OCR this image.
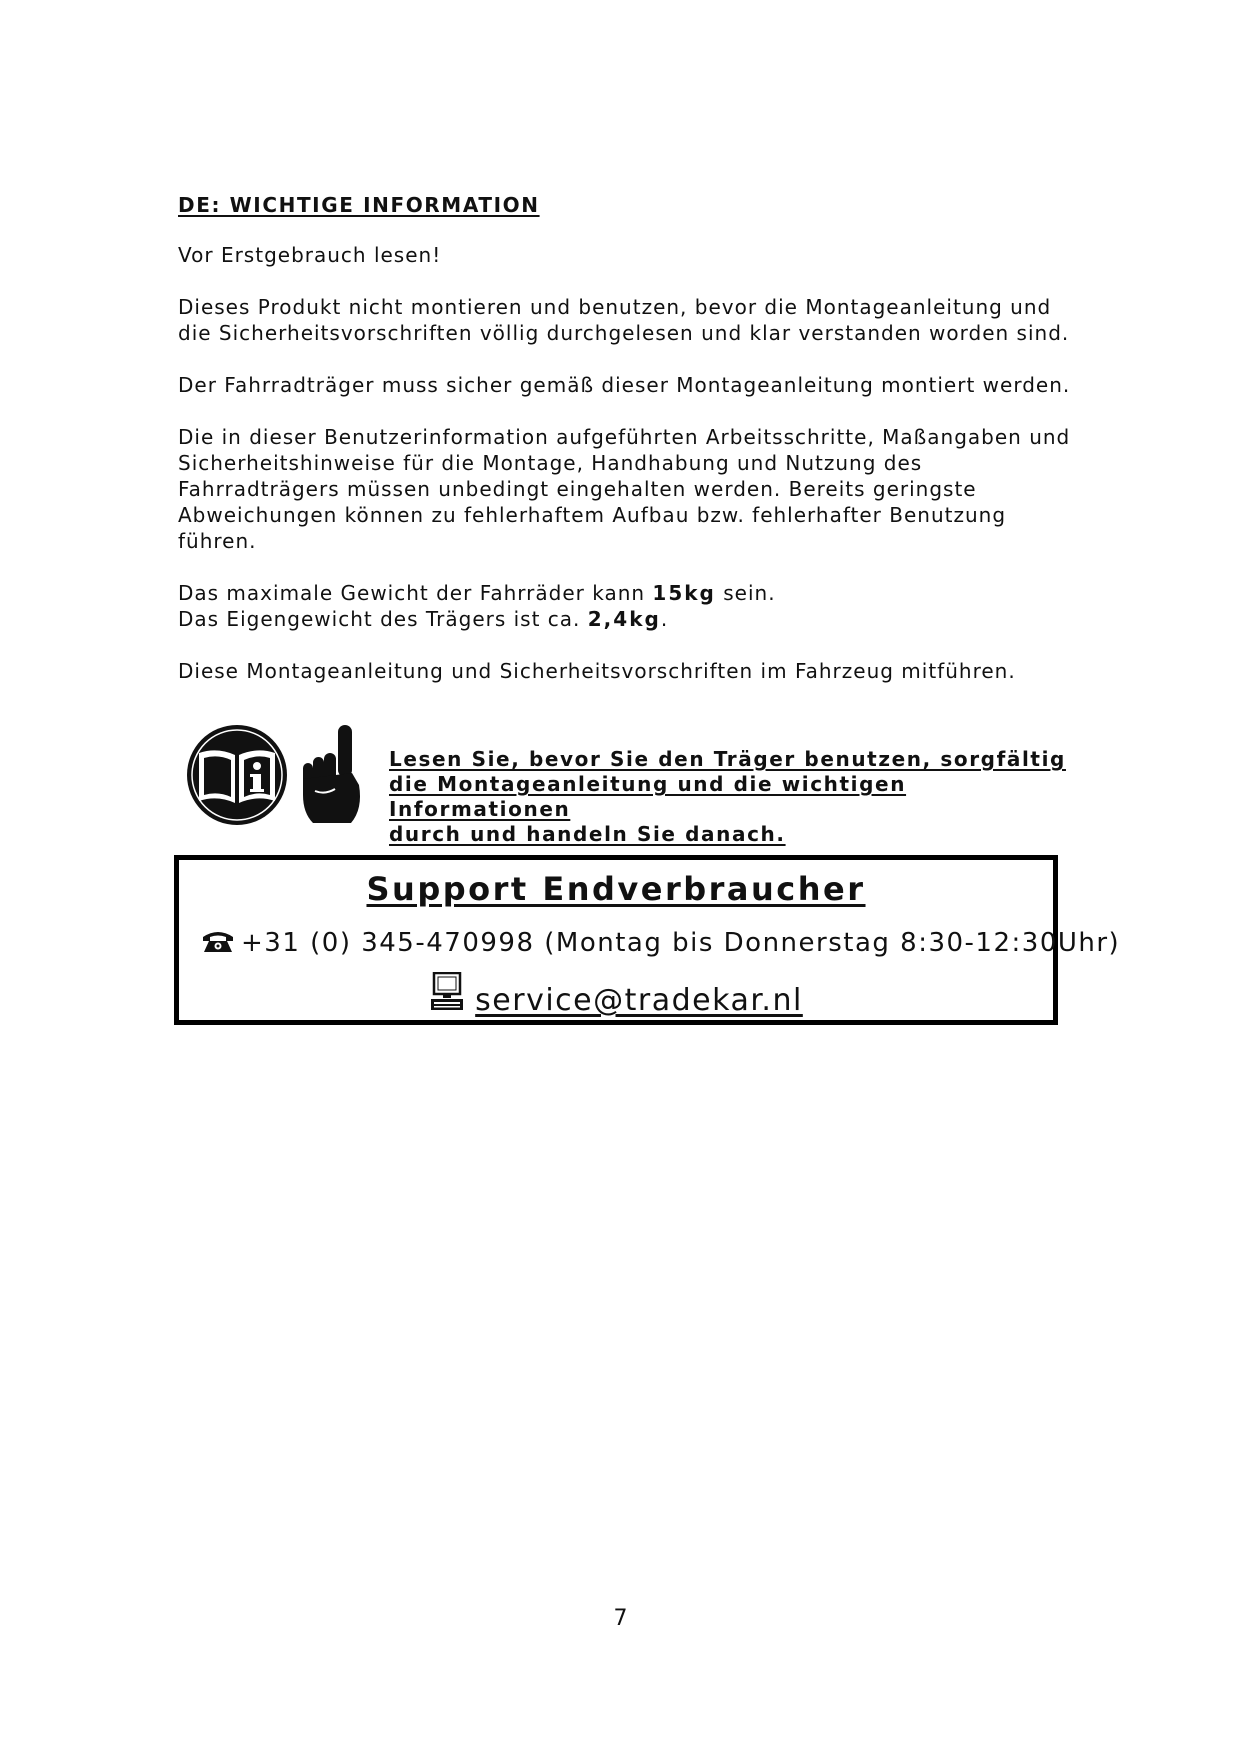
DE: WICHTIGE INFORMATION
Vor Erstgebrauch lesen!
Dieses Produkt nicht montieren und benutzen, bevor die Montageanleitung und
die Sicherheitsvorschriften völlig durchgelesen und klar verstanden worden sind.
Der Fahrradträger muss sicher gemäß dieser Montageanleitung montiert werden.
Die in dieser Benutzerinformation aufgeführten Arbeitsschritte, Maßangaben und
Sicherheitshinweise für die Montage, Handhabung und Nutzung des
Fahrradträgers müssen unbedingt eingehalten werden. Bereits geringste
Abweichungen können zu fehlerhaftem Aufbau bzw. fehlerhafter Benutzung
führen.
Das maximale Gewicht der Fahrräder kann 15kg sein.
Das Eigengewicht des Trägers ist ca. 2,4kg.
Diese Montageanleitung und Sicherheitsvorschriften im Fahrzeug mitführen.
Lesen Sie, bevor Sie den Träger benutzen, sorgfältig
die Montageanleitung und die wichtigen Informationen
durch und handeln Sie danach.
Support Endverbraucher
+31 (0) 345-470998 (Montag bis Donnerstag 8:30-12:30Uhr)
service@tradekar.nl
7
